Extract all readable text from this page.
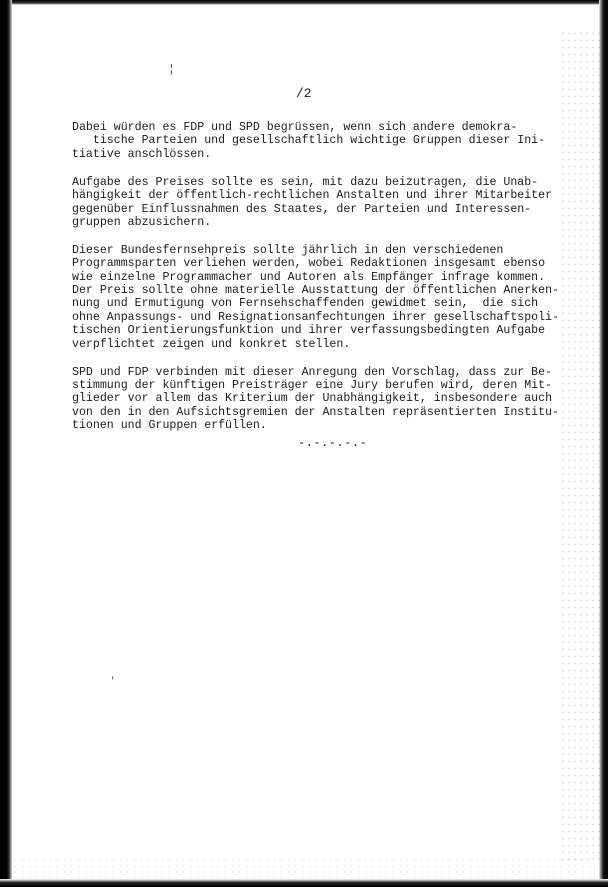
¦
'
/2

Dabei würden es FDP und SPD begrüssen, wenn sich andere demokra-
tische Parteien und gesellschaftlich wichtige Gruppen dieser Ini-
tiative anschlössen.

Aufgabe des Preises sollte es sein, mit dazu beizutragen, die Unab-
hängigkeit der öffentlich-rechtlichen Anstalten und ihrer Mitarbeiter
gegenüber Einflussnahmen des Staates, der Parteien und Interessen-
gruppen abzusichern.

Dieser Bundesfernsehpreis sollte jährlich in den verschiedenen
Programmsparten verliehen werden, wobei Redaktionen insgesamt ebenso
wie einzelne Programmacher und Autoren als Empfänger infrage kommen.
Der Preis sollte ohne materielle Ausstattung der öffentlichen Anerken-
nung und Ermutigung von Fernsehschaffenden gewidmet sein,  die sich
ohne Anpassungs- und Resignationsanfechtungen ihrer gesellschaftspoli-
tischen Orientierungsfunktion und ihrer verfassungsbedingten Aufgabe
verpflichtet zeigen und konkret stellen.

SPD und FDP verbinden mit dieser Anregung den Vorschlag, dass zur Be-
stimmung der künftigen Preisträger eine Jury berufen wird, deren Mit-
glieder vor allem das Kriterium der Unabhängigkeit, insbesondere auch
von den in den Aufsichtsgremien der Anstalten repräsentierten Institu-
tionen und Gruppen erfüllen.

-.-.-.-.-
